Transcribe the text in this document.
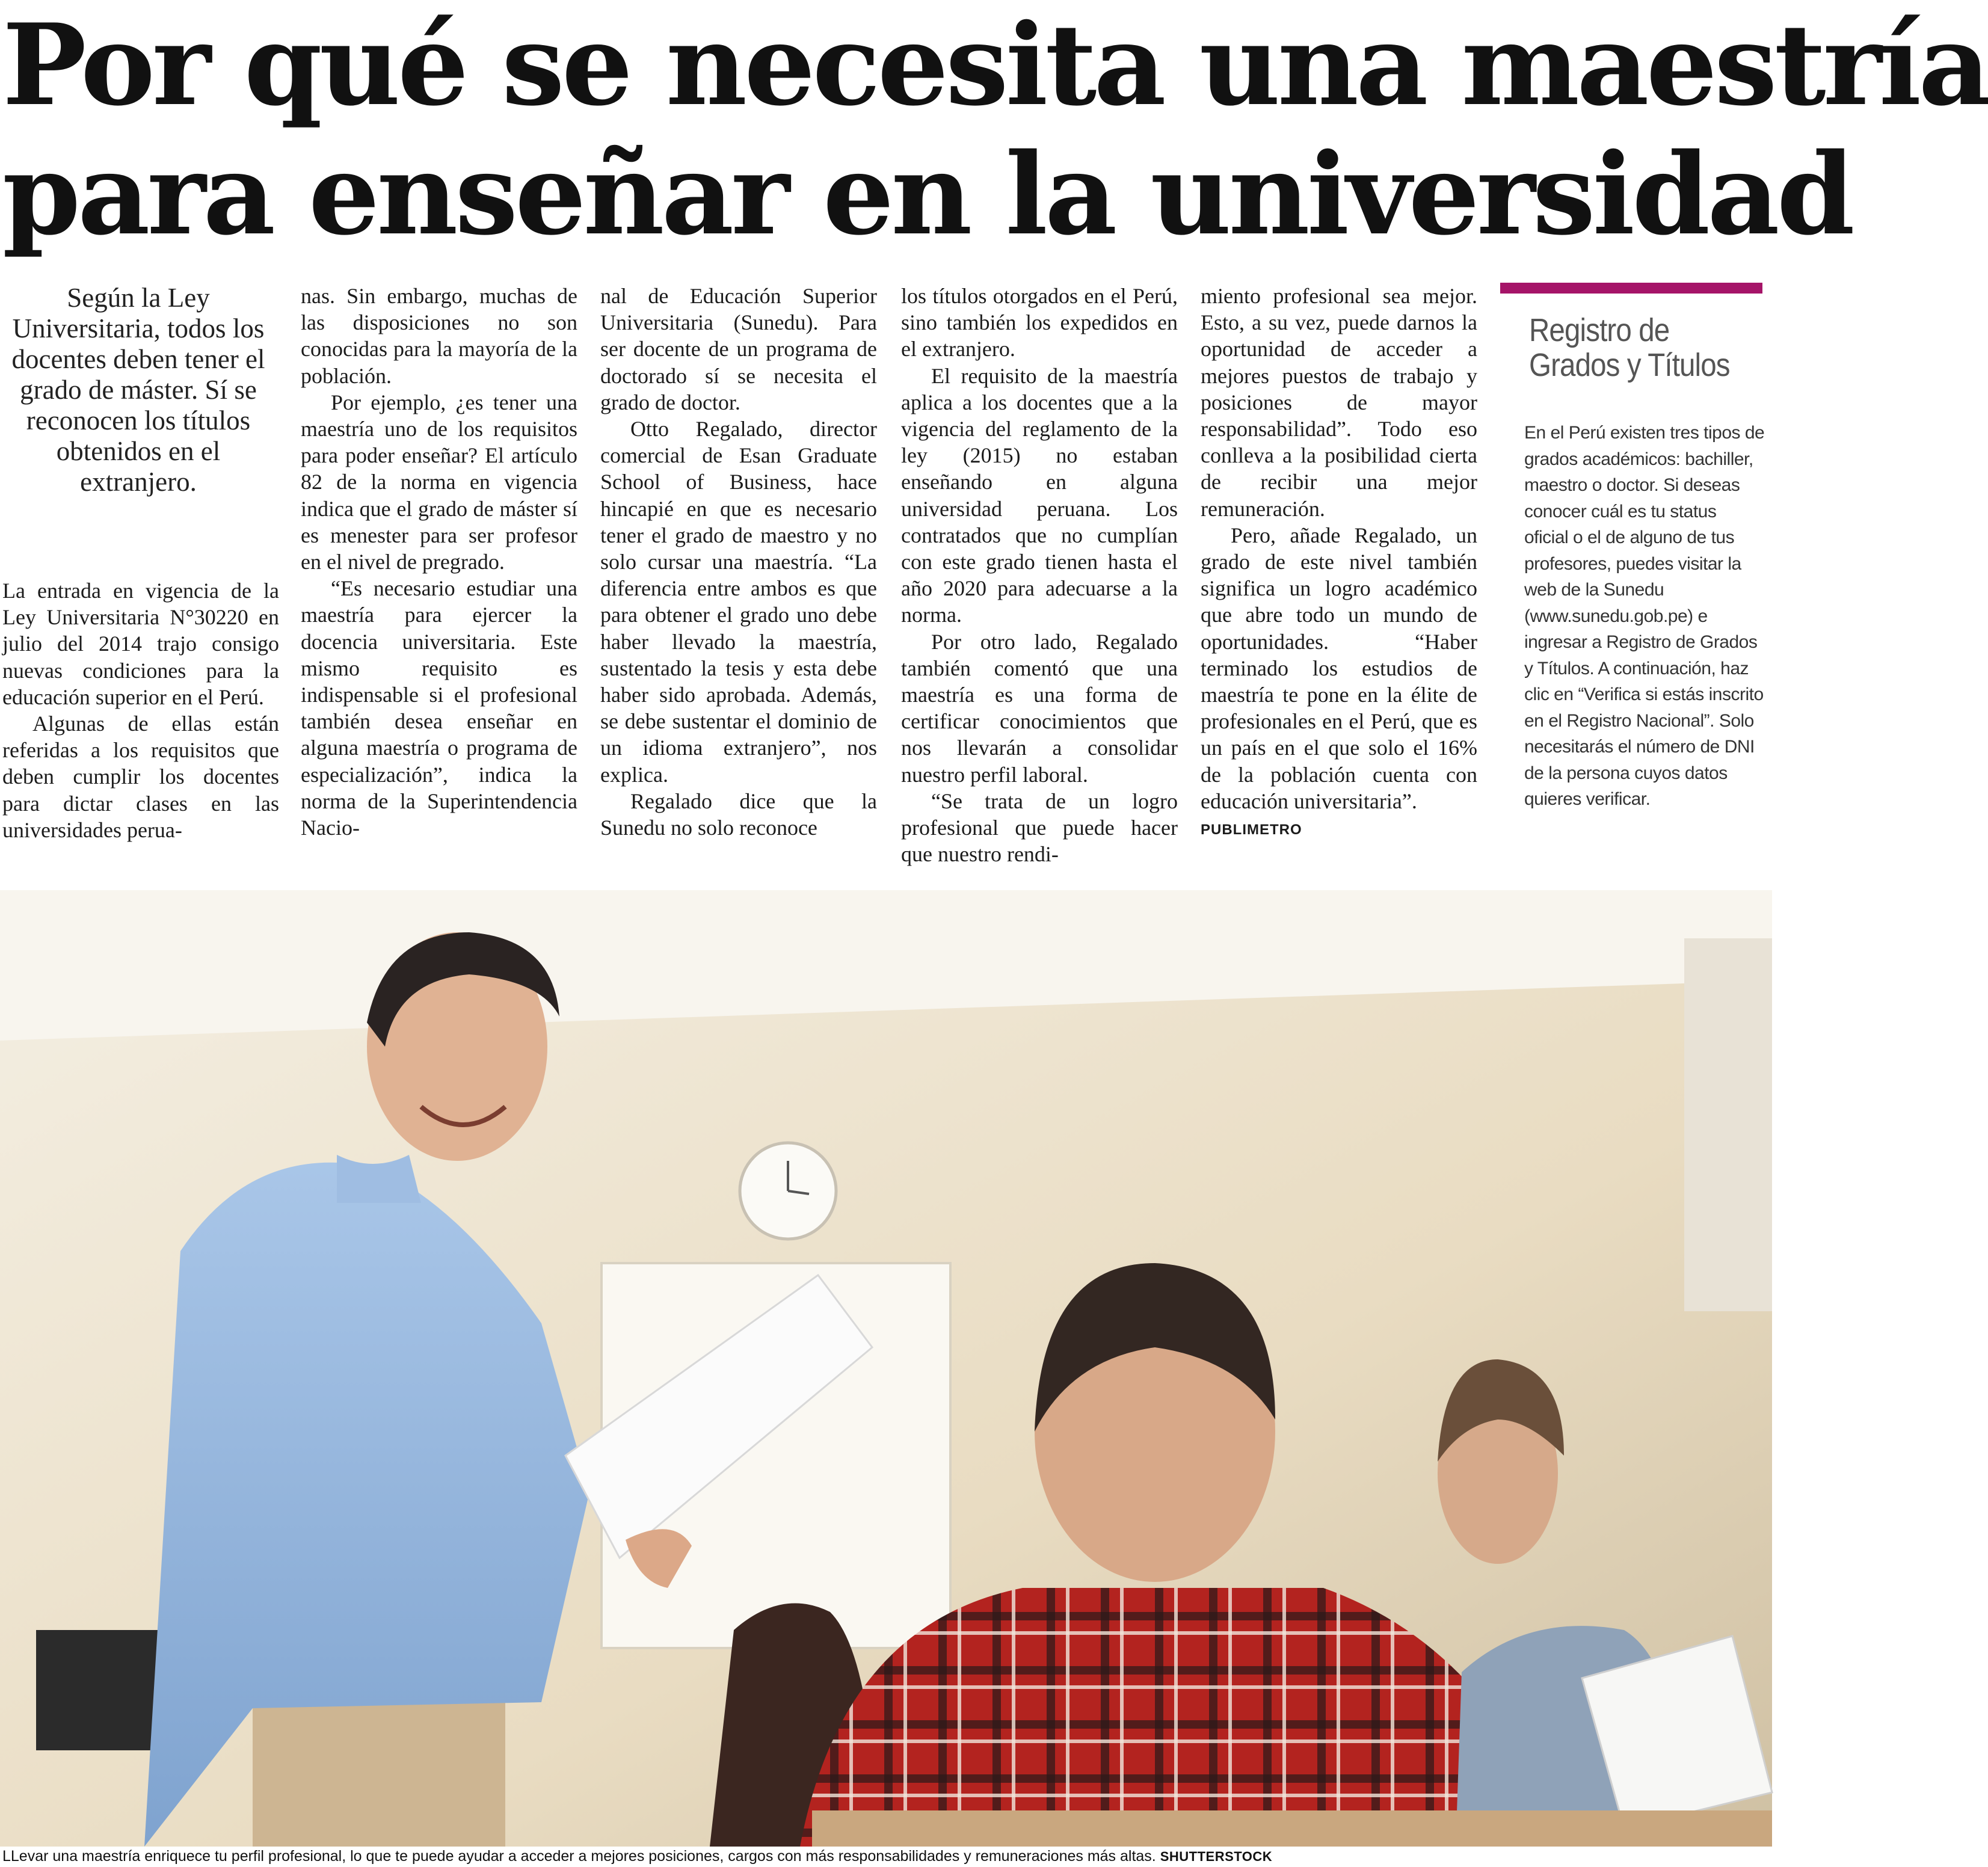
Por qué se necesita una maestría
para enseñar en la universidad
Según la Ley Universitaria, todos los docentes deben tener el grado de máster. Sí se reconocen los títulos obtenidos en el extranjero.

La entrada en vigencia de la Ley Universitaria N°30220 en julio del 2014 trajo consigo nuevas condiciones para la educación superior en el Perú.

Algunas de ellas están referidas a los requisitos que deben cumplir los docentes para dictar clases en las universidades perua-

nas. Sin embargo, muchas de las disposiciones no son conocidas para la mayoría de la población.

Por ejemplo, ¿es tener una maestría uno de los requisitos para poder enseñar? El artículo 82 de la norma en vigencia indica que el grado de máster sí es menester para ser profesor en el nivel de pregrado.

“Es necesario estudiar una maestría para ejercer la docencia universitaria. Este mismo requisito es indispensable si el profesional también desea enseñar en alguna maestría o programa de especialización”, indica la norma de la Superintendencia Nacio-

nal de Educación Superior Universitaria (Sunedu). Para ser docente de un programa de doctorado sí se necesita el grado de doctor.

Otto Regalado, director comercial de Esan Graduate School of Business, hace hincapié en que es necesario tener el grado de maestro y no solo cursar una maestría. “La diferencia entre ambos es que para obtener el grado uno debe haber llevado la maestría, sustentado la tesis y esta debe haber sido aprobada. Además, se debe sustentar el dominio de un idioma extranjero”, nos explica.

Regalado dice que la Sunedu no solo reconoce

los títulos otorgados en el Perú, sino también los expedidos en el extranjero.

El requisito de la maestría aplica a los docentes que a la vigencia del reglamento de la ley (2015) no estaban enseñando en alguna universidad peruana. Los contratados que no cumplían con este grado tienen hasta el año 2020 para adecuarse a la norma.

Por otro lado, Regalado también comentó que una maestría es una forma de certificar conocimientos que nos llevarán a consolidar nuestro perfil laboral.

“Se trata de un logro profesional que puede hacer que nuestro rendi-

miento profesional sea mejor. Esto, a su vez, puede darnos la oportunidad de acceder a mejores puestos de trabajo y posiciones de mayor responsabilidad”. Todo eso conlleva a la posibilidad cierta de recibir una mejor remuneración.

Pero, añade Regalado, un grado de este nivel también significa un logro académico que abre todo un mundo de oportunidades. “Haber terminado los estudios de maestría te pone en la élite de profesionales en el Perú, que es un país en el que solo el 16% de la población cuenta con educación universitaria”.

PUBLIMETRO
Registro de Grados y Títulos
En el Perú existen tres tipos de grados académicos: bachiller, maestro o doctor. Si deseas conocer cuál es tu status oficial o el de alguno de tus profesores, puedes visitar la web de la Sunedu (www.sunedu.gob.pe) e ingresar a Registro de Grados y Títulos. A continuación, haz clic en “Verifica si estás inscrito en el Registro Nacional”. Solo necesitarás el número de DNI de la persona cuyos datos quieres verificar.
LLevar una maestría enriquece tu perfil profesional, lo que te puede ayudar a acceder a mejores posiciones, cargos con más responsabilidades y remuneraciones más altas. SHUTTERSTOCK
